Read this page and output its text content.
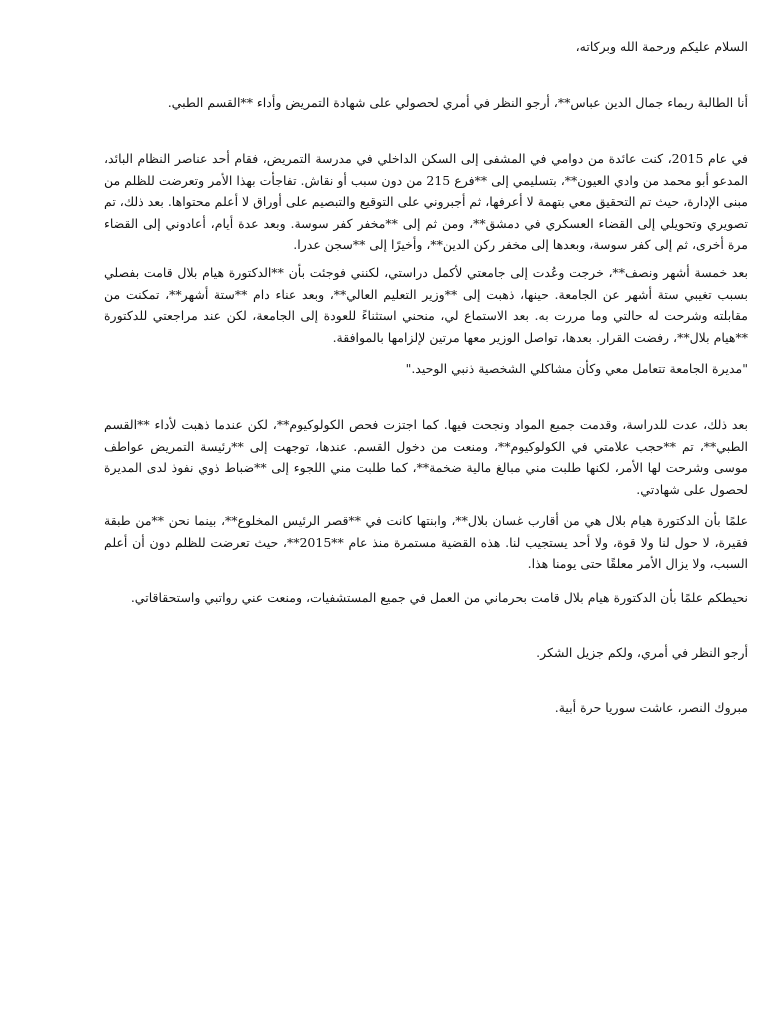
السلام عليكم ورحمة الله وبركاته،

أنا الطالبة ريماء جمال الدين عباس**، أرجو النظر في أمري لحصولي على شهادة التمريض وأداء **القسم الطبي.

في عام 2015، كنت عائدة من دوامي في المشفى إلى السكن الداخلي في مدرسة التمريض، فقام أحد عناصر النظام البائد، المدعو أبو محمد من وادي العيون**، بتسليمي إلى **فرع 215 من دون سبب أو نقاش. تفاجأت بهذا الأمر وتعرضت للظلم من مبنى الإدارة، حيث تم التحقيق معي بتهمة لا أعرفها، ثم أجبروني على التوقيع والتبصيم على أوراق لا أعلم محتواها. بعد ذلك، تم تصويري وتحويلي إلى القضاء العسكري في دمشق**، ومن ثم إلى **مخفر كفر سوسة. وبعد عدة أيام، أعادوني إلى القضاء مرة أخرى، ثم إلى كفر سوسة، وبعدها إلى مخفر ركن الدين**، وأخيرًا إلى **سجن عدرا.

بعد خمسة أشهر ونصف**، خرجت وعُدت إلى جامعتي لأكمل دراستي، لكنني فوجئت بأن **الدكتورة هيام بلال قامت بفصلي بسبب تغيبي ستة أشهر عن الجامعة. حينها، ذهبت إلى **وزير التعليم العالي**، وبعد عناء دام **ستة أشهر**، تمكنت من مقابلته وشرحت له حالتي وما مررت به. بعد الاستماع لي، منحني استثناءً للعودة إلى الجامعة، لكن عند مراجعتي للدكتورة **هيام بلال**، رفضت القرار. بعدها، تواصل الوزير معها مرتين لإلزامها بالموافقة.

"مديرة الجامعة تتعامل معي وكأن مشاكلي الشخصية ذنبي الوحيد."

بعد ذلك، عدت للدراسة، وقدمت جميع المواد ونجحت فيها. كما اجتزت فحص الكولوكيوم**، لكن عندما ذهبت لأداء **القسم الطبي**، تم **حجب علامتي في الكولوكيوم**، ومنعت من دخول القسم. عندها، توجهت إلى **رئيسة التمريض عواطف موسى وشرحت لها الأمر، لكنها طلبت مني مبالغ مالية ضخمة**، كما طلبت مني اللجوء إلى **ضباط ذوي نفوذ لدى المديرة لحصول على شهادتي.

علمًا بأن الدكتورة هيام بلال هي من أقارب غسان بلال**، وابنتها كانت في **قصر الرئيس المخلوع**، بينما نحن **من طبقة فقيرة، لا حول لنا ولا قوة، ولا أحد يستجيب لنا. هذه القضية مستمرة منذ عام **2015**، حيث تعرضت للظلم دون أن أعلم السبب، ولا يزال الأمر معلقًا حتى يومنا هذا.

نحيطكم علمًا بأن الدكتورة هيام بلال قامت بحرماني من العمل في جميع المستشفيات، ومنعت عني رواتبي واستحقاقاتي.

أرجو النظر في أمري، ولكم جزيل الشكر.

مبروك النصر، عاشت سوريا حرة أبية.
